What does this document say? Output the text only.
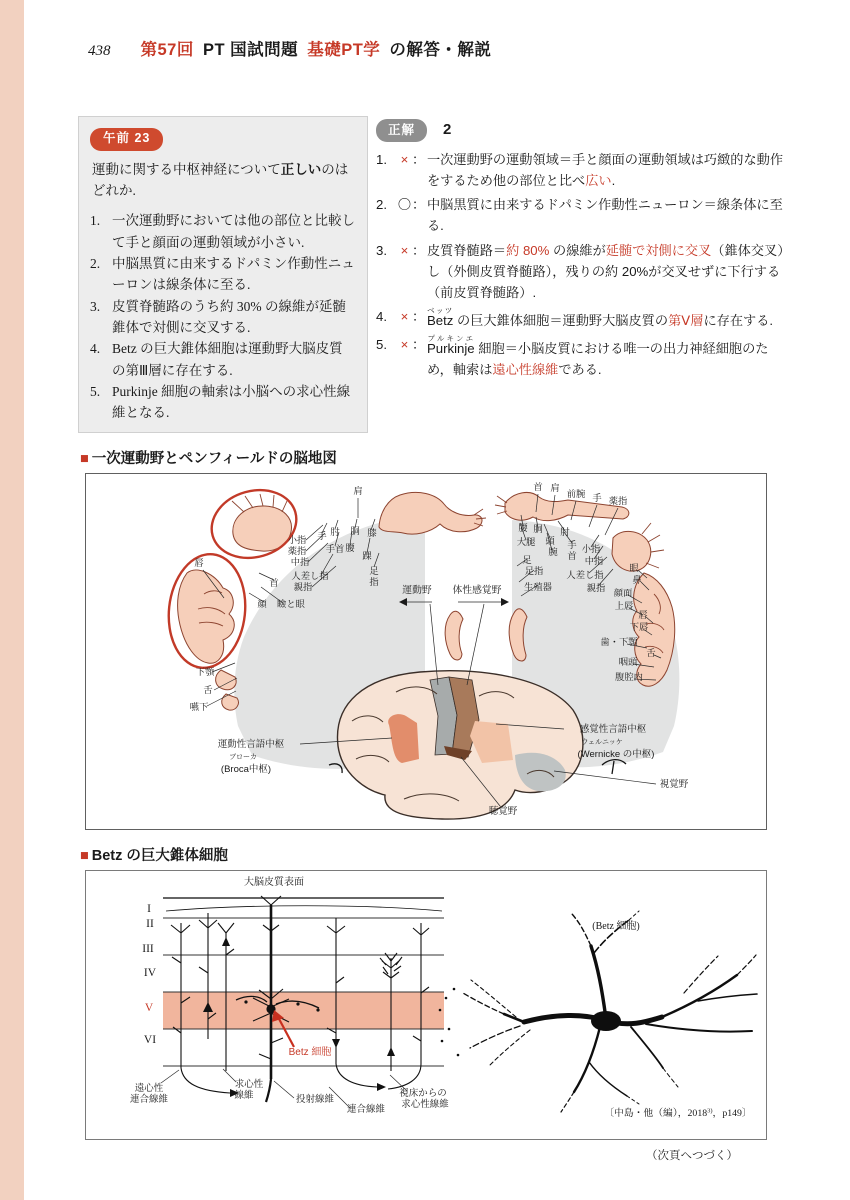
438 第57回 PT 国試問題 基礎PT学 の解答・解説
午前 23
運動に関する中枢神経について正しいのはどれか.
1. 一次運動野においては他の部位と比較して手と顔面の運動領域が小さい.
2. 中脳黒質に由来するドパミン作動性ニューロンは線条体に至る.
3. 皮質脊髄路のうち約 30% の線維が延髄錐体で対側に交叉する.
4. Betz の巨大錐体細胞は運動野大脳皮質の第Ⅲ層に存在する.
5. Purkinje 細胞の軸索は小脳への求心性線維となる.
正解	2
1.	× ： 一次運動野の運動領域＝手と顔面の運動領域は巧緻的な動作をするため他の部位と比べ広い.
2. 〇 ： 中脳黒質に由来するドパミン作動性ニューロン＝線条体に至る.
3.	× ： 皮質脊髄路＝約 80% の線維が延髄で対側に交叉（錐体交叉）し（外側皮質脊髄路），残りの約 20%が交叉せずに下行する（前皮質脊髄路）.
4.	× ： Betzベッツ の巨大錐体細胞＝運動野大脳皮質の第Ⅴ層に存在する.
5.	× ： Purkinjeプルキンエ 細胞＝小脳皮質における唯一の出力神経細胞のため，軸索は遠心性線維である.
■ 一次運動野とペンフィールドの脳地図
肩
膝
胴
肘
手
小指
薬指 手首 腰
中指
踝
人差し指
親指
首
足
指
顔 瞼と眼
唇
下顎
舌
嚥下
首 肩
前腕 手 薬指
腰 胴 肘
大腿 頭
腕
手
首
小指
中指
人差し指
親指
足
足指
生殖器
眼
鼻
顔面
上唇
唇
下唇
歯・下顎
舌
咽頭
腹腔内
運動野 体性感覚野
運動性言語中枢
ブローカ
(Broca中枢)
感覚性言語中枢
ウェルニッケ
(Wernicke の中枢)
視覚野
聴覚野
■ Betz の巨大錐体細胞
大脳皮質表面
I
II
III
IV
V
VI
Betz 細胞
遠心性
連合線維
求心性
線維	投射線維
連合線維
視床からの
求心性線維
(Betz 細胞)
〔中島・他（編），2018$^{3)}$，p149〕
（次頁へつづく）
